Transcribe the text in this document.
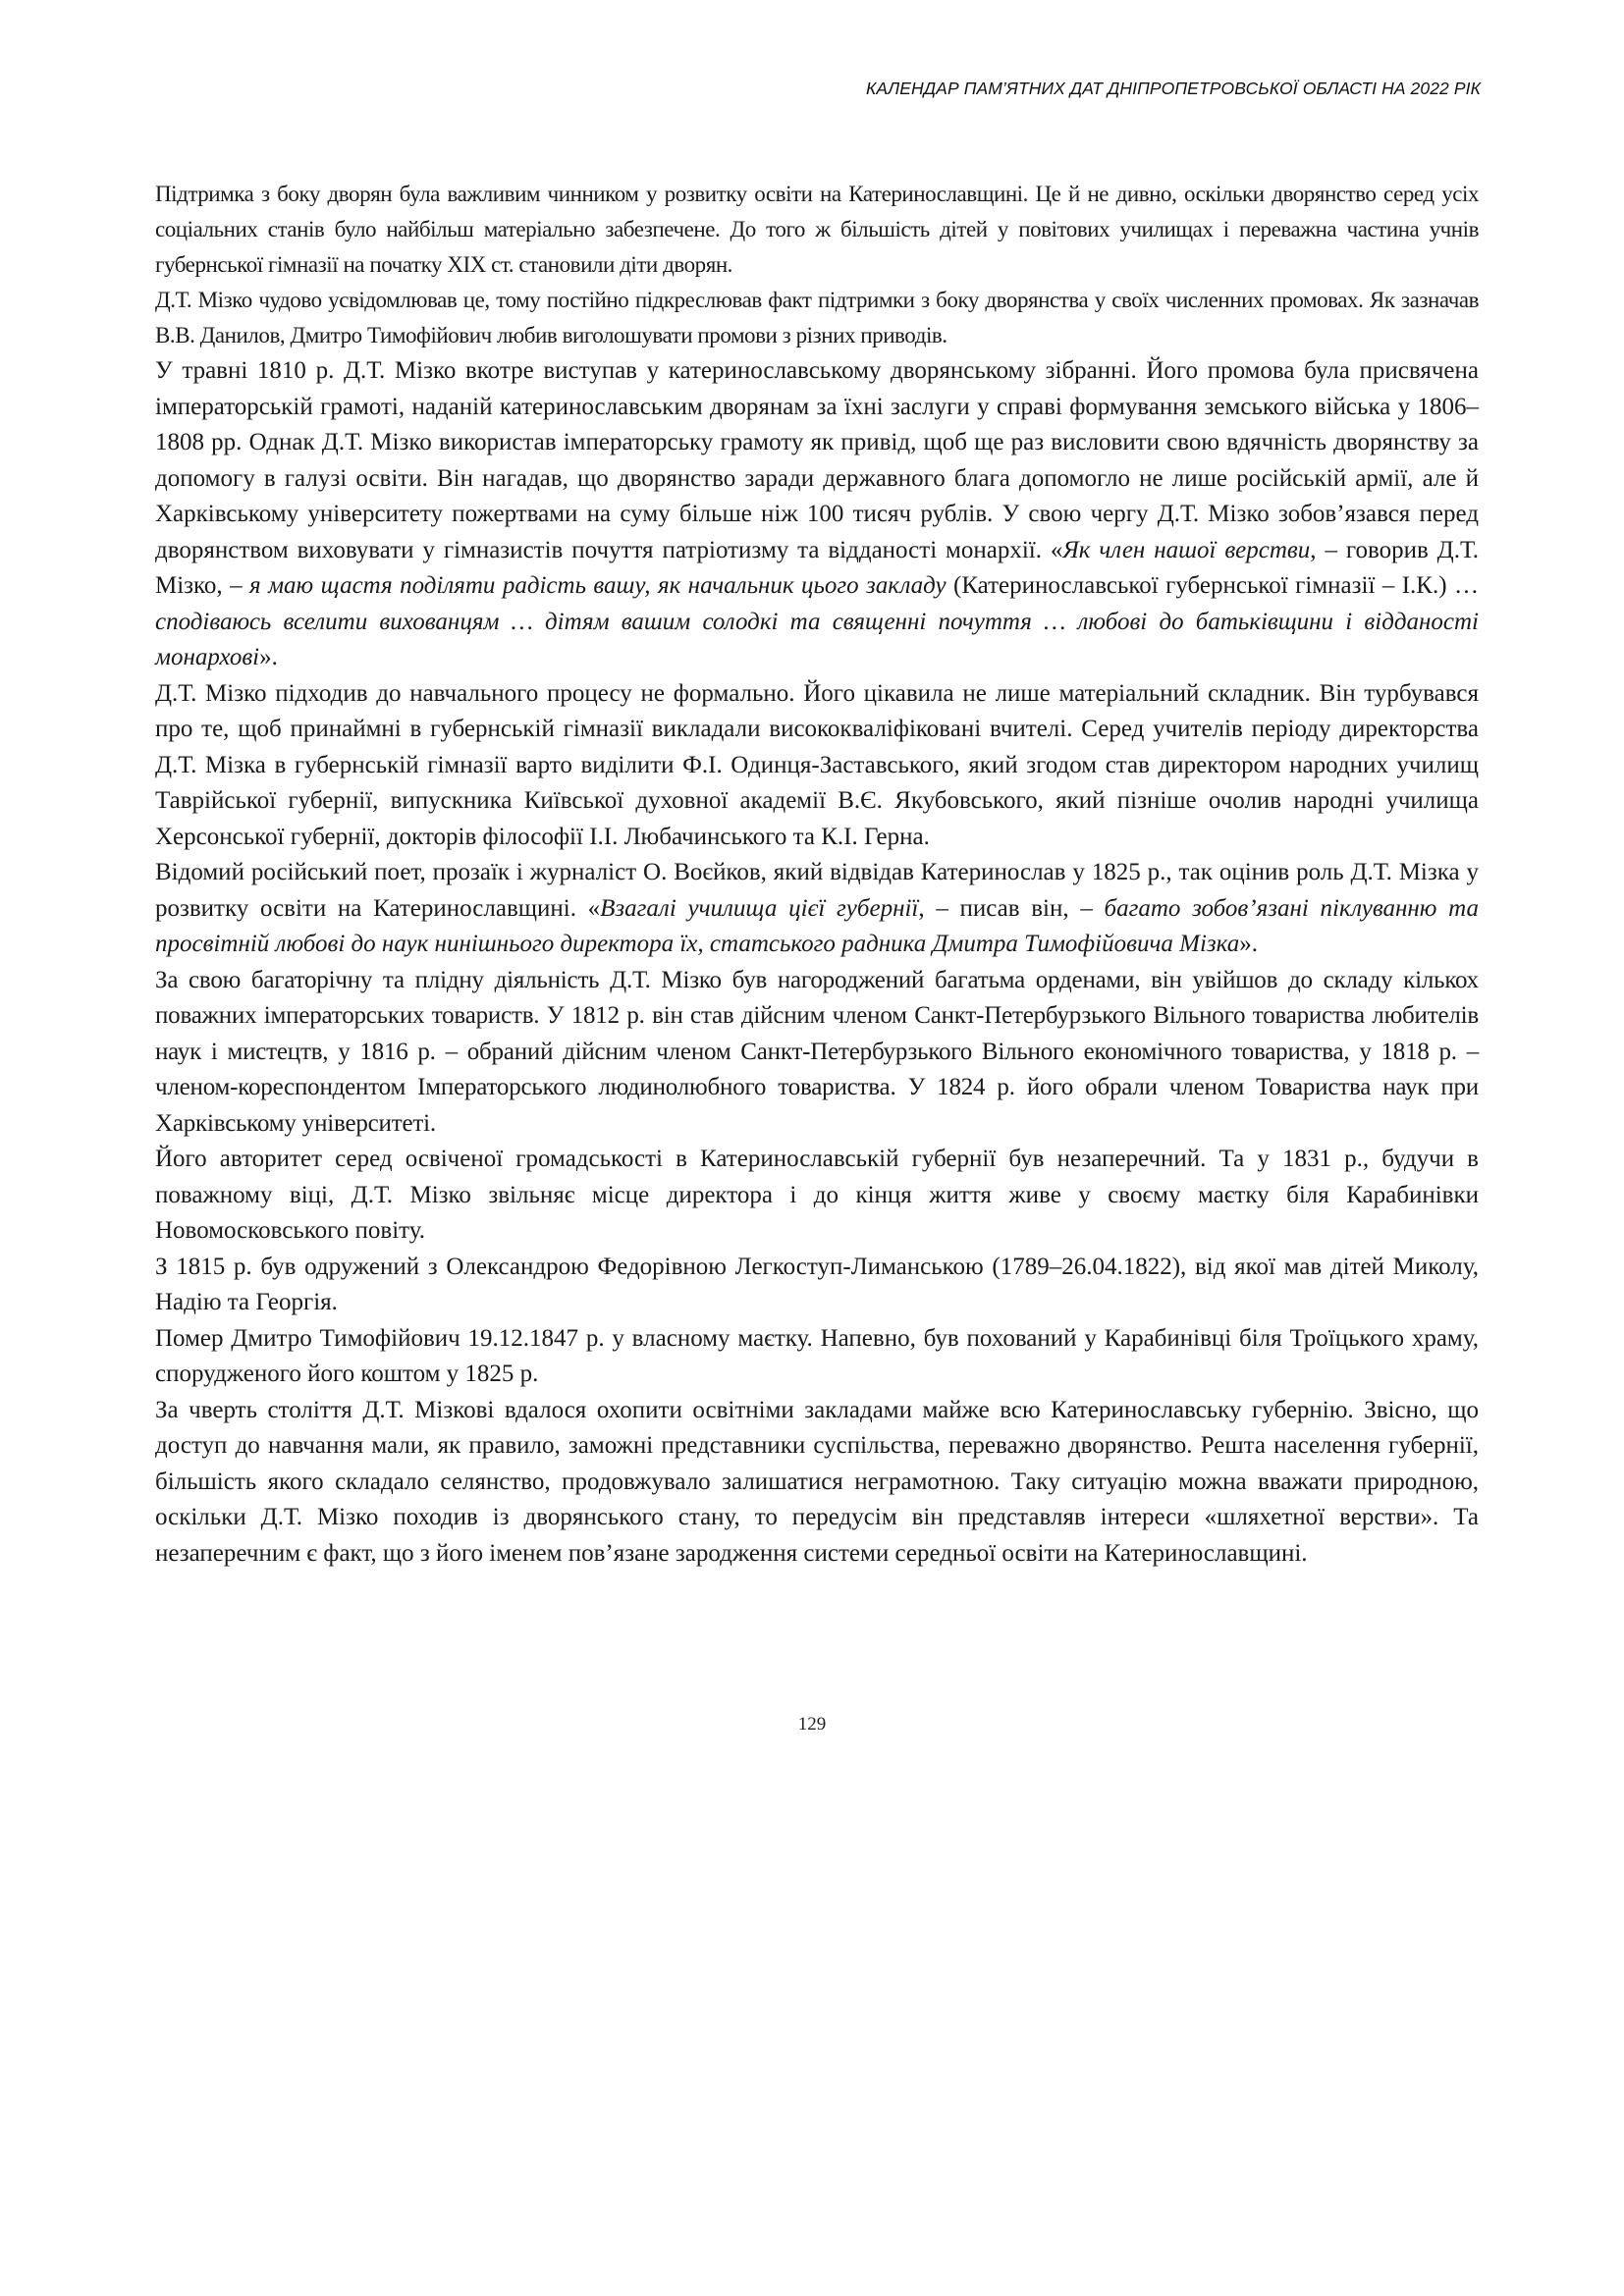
КАЛЕНДАР ПАМ’ЯТНИХ ДАТ ДНІПРОПЕТРОВСЬКОЇ ОБЛАСТІ НА 2022 РІК

Підтримка з боку дворян була важливим чинником у розвитку освіти на Катеринославщині. Це й не дивно, оскільки дворянство серед усіх соціальних станів було найбільш матеріально забезпечене. До того ж більшість дітей у повітових училищах і переважна частина учнів губернської гімназії на початку ХІХ ст. становили діти дворян.

Д.Т. Мізко чудово усвідомлював це, тому постійно підкреслював факт підтримки з боку дворянства у своїх численних промовах. Як зазначав В.В. Данилов, Дмитро Тимофійович любив виголошувати промови з різних приводів.

У травні 1810 р. Д.Т. Мізко вкотре виступав у катеринославському дворянському зібранні. Його промова була присвячена імператорській грамоті, наданій катеринославським дворянам за їхні заслуги у справі формування земського війська у 1806–1808 рр. Однак Д.Т. Мізко використав імператорську грамоту як привід, щоб ще раз висловити свою вдячність дворянству за допомогу в галузі освіти. Він нагадав, що дворянство заради державного блага допомогло не лише російській армії, але й Харківському університету пожертвами на суму більше ніж 100 тисяч рублів. У свою чергу Д.Т. Мізко зобов’язався перед дворянством виховувати у гімназистів почуття патріотизму та відданості монархії. «Як член нашої верстви, – говорив Д.Т. Мізко, – я маю щастя поділяти радість вашу, як начальник цього закладу (Катеринославської губернської гімназії – І.К.) … сподіваюсь вселити вихованцям … дітям вашим солодкі та священні почуття … любові до батьківщини і відданості монархові».

Д.Т. Мізко підходив до навчального процесу не формально. Його цікавила не лише матеріальний складник. Він турбувався про те, щоб принаймні в губернській гімназії викладали висококваліфіковані вчителі. Серед учителів періоду директорства Д.Т. Мізка в губернській гімназії варто виділити Ф.І. Одинця-Заставського, який згодом став директором народних училищ Таврійської губернії, випускника Київської духовної академії В.Є. Якубовського, який пізніше очолив народні училища Херсонської губернії, докторів філософії І.І. Любачинського та К.І. Герна.

Відомий російський поет, прозаїк і журналіст О. Воєйков, який відвідав Катеринослав у 1825 р., так оцінив роль Д.Т. Мізка у розвитку освіти на Катеринославщині. «Взагалі училища цієї губернії, – писав він, – багато зобов’язані піклуванню та просвітній любові до наук нинішнього директора їх, статського радника Дмитра Тимофійовича Мізка».

За свою багаторічну та плідну діяльність Д.Т. Мізко був нагороджений багатьма орденами, він увійшов до складу кількох поважних імператорських товариств. У 1812 р. він став дійсним членом Санкт-Петербурзького Вільного товариства любителів наук і мистецтв, у 1816 р. – обраний дійсним членом Санкт-Петербурзького Вільного економічного товариства, у 1818 р. – членом-кореспондентом Імператорського людинолюбного товариства. У 1824 р. його обрали членом Товариства наук при Харківському університеті.

Його авторитет серед освіченої громадськості в Катеринославській губернії був незаперечний. Та у 1831 р., будучи в поважному віці, Д.Т. Мізко звільняє місце директора і до кінця життя живе у своєму маєтку біля Карабинівки Новомосковського повіту.

З 1815 р. був одружений з Олександрою Федорівною Легкоступ-Лиманською (1789–26.04.1822), від якої мав дітей Миколу, Надію та Георгія.

Помер Дмитро Тимофійович 19.12.1847 р. у власному маєтку. Напевно, був похований у Карабинівці біля Троїцького храму, спорудженого його коштом у 1825 р.

За чверть століття Д.Т. Мізкові вдалося охопити освітніми закладами майже всю Катеринославську губернію. Звісно, що доступ до навчання мали, як правило, заможні представники суспільства, переважно дворянство. Решта населення губернії, більшість якого складало селянство, продовжувало залишатися неграмотною. Таку ситуацію можна вважати природною, оскільки Д.Т. Мізко походив із дворянського стану, то передусім він представляв інтереси «шляхетної верстви». Та незаперечним є факт, що з його іменем пов’язане зародження системи середньої освіти на Катеринославщині.

129
